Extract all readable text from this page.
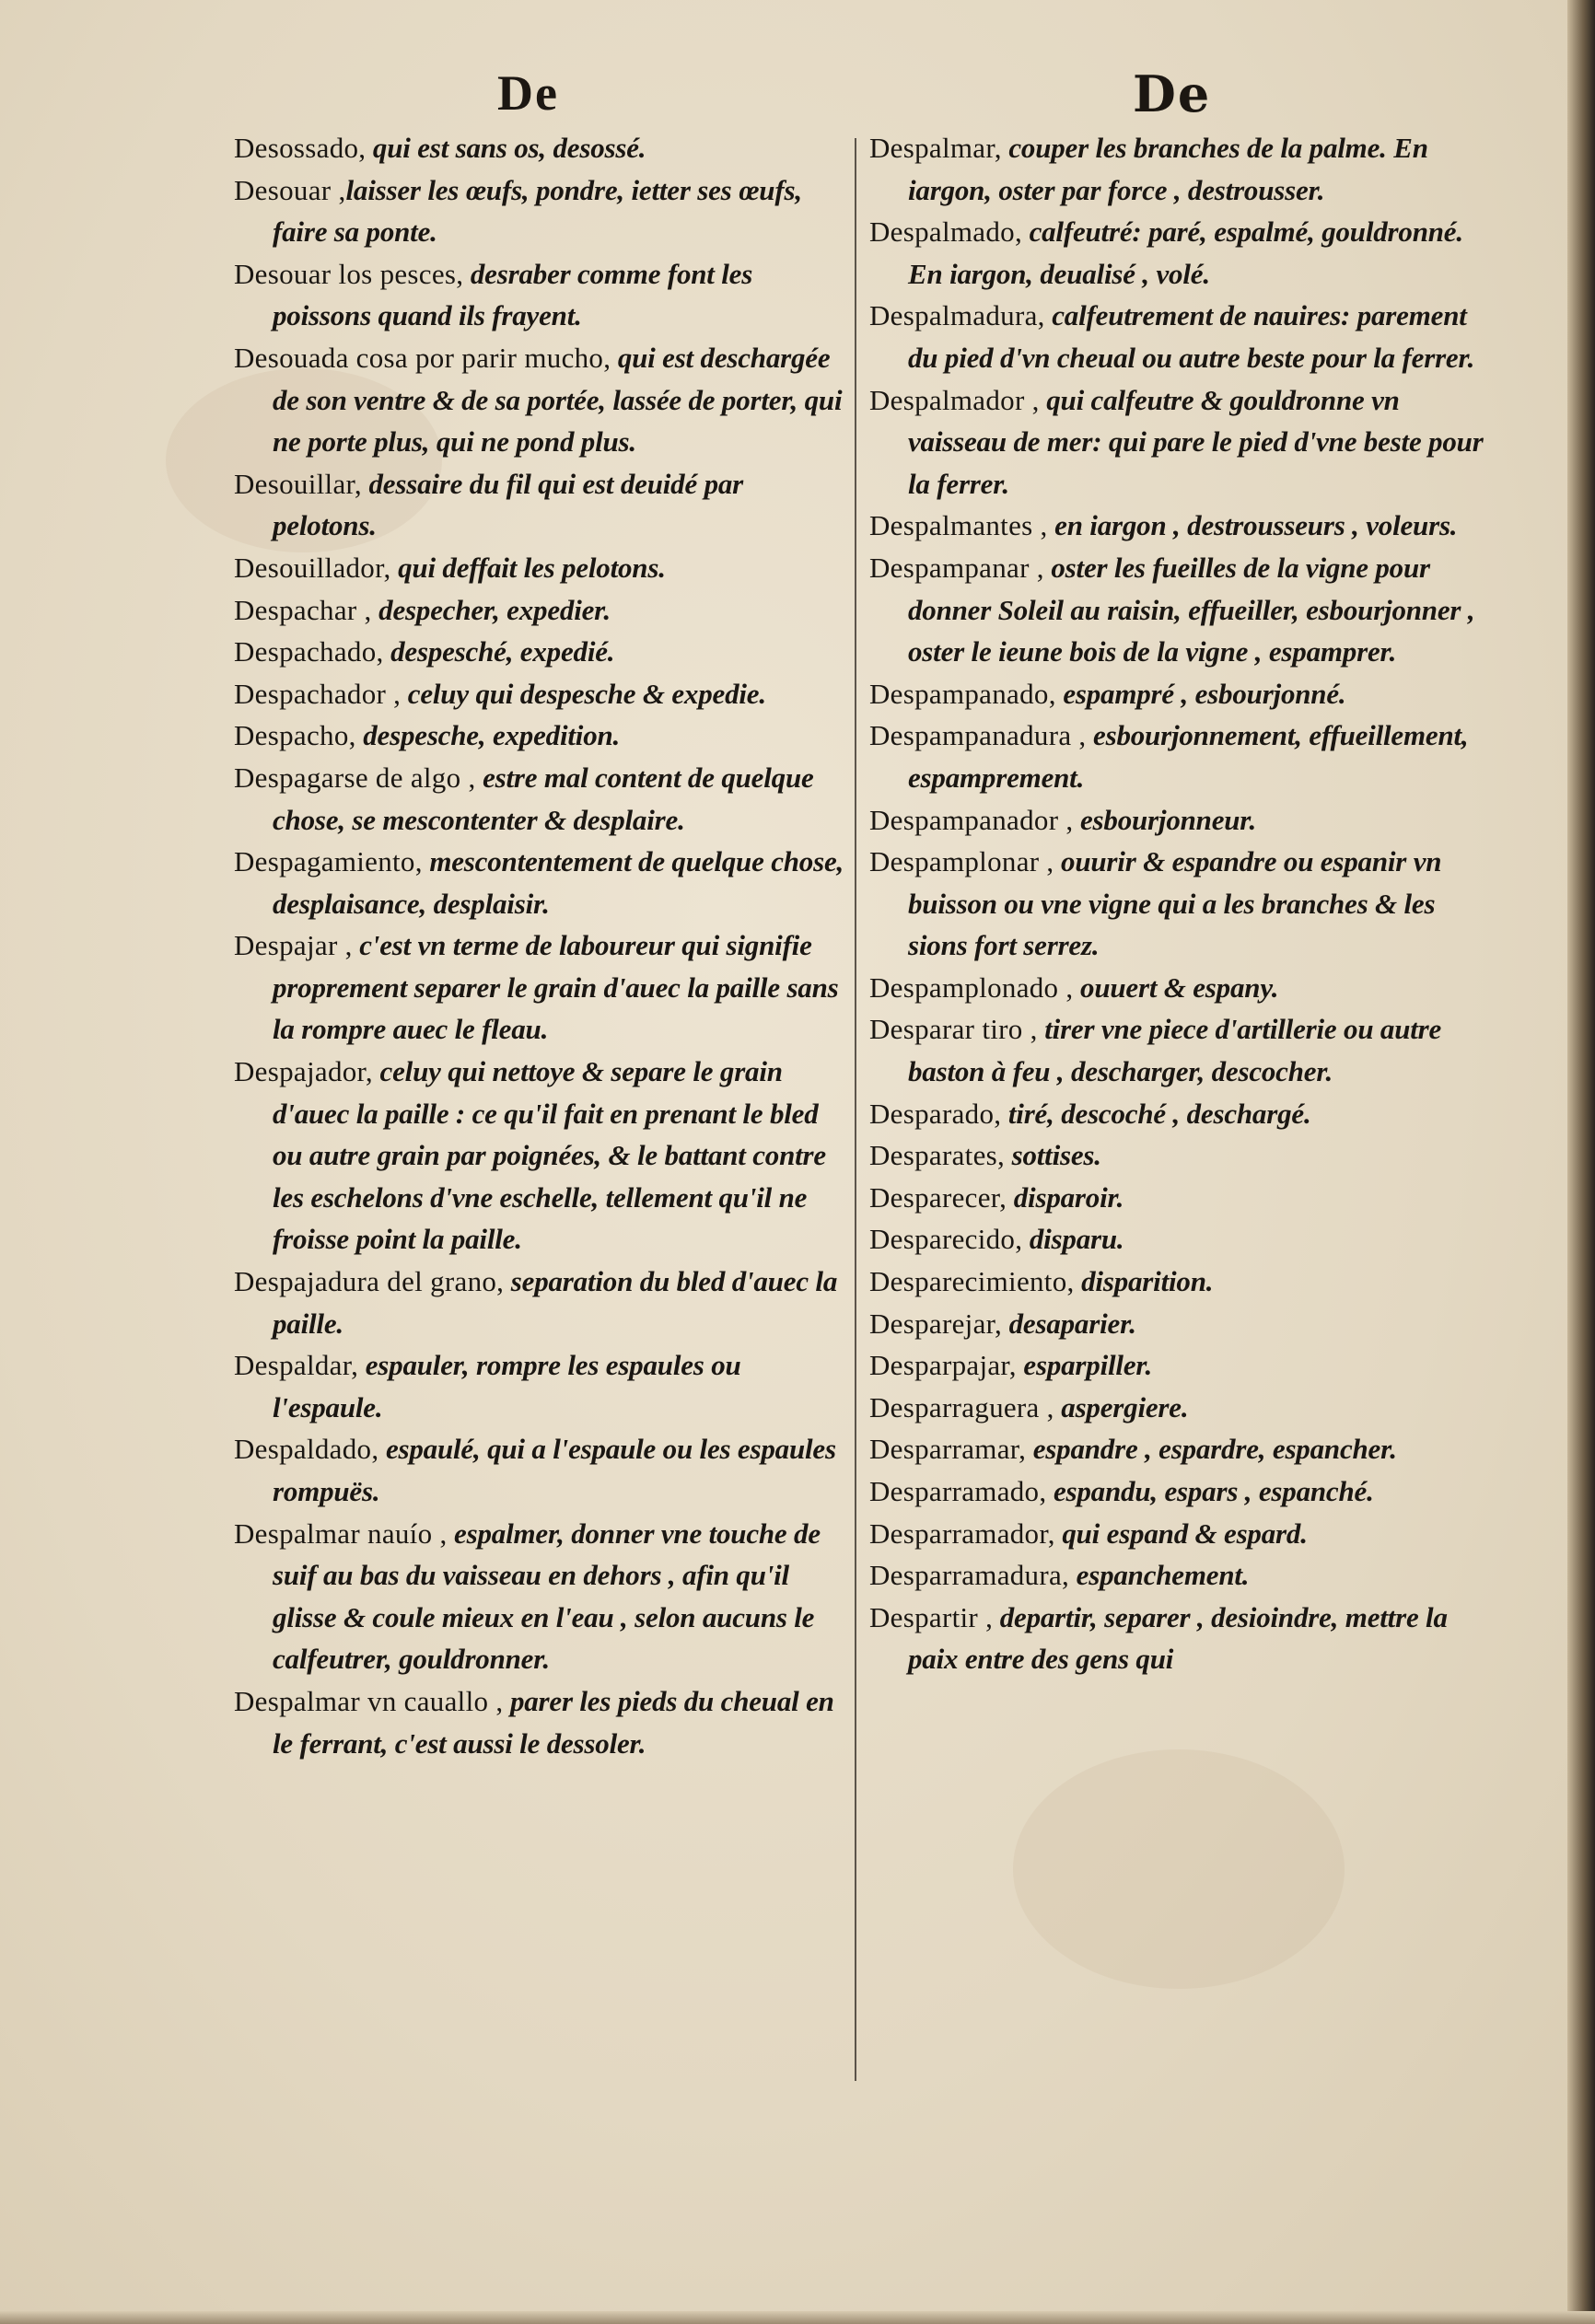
De	De

Desossado, qui est sans os, desossé.

Desouar ,laisser les œufs, pondre, ietter ses œufs, faire sa ponte.

Desouar los pesces, desraber comme font les poissons quand ils frayent.

Desouada cosa por parir mucho, qui est deschargée de son ventre & de sa portée, lassée de porter, qui ne porte plus, qui ne pond plus.

Desouillar, dessaire du fil qui est deuidé par pelotons.

Desouillador, qui deffait les pelotons.

Despachar , despecher, expedier.

Despachado, despesché, expedié.

Despachador , celuy qui despesche & expedie.

Despacho, despesche, expedition.

Despagarse de algo , estre mal content de quelque chose, se mescontenter & desplaire.

Despagamiento, mescontentement de quelque chose, desplaisance, desplaisir.

Despajar , c'est vn terme de laboureur qui signifie proprement separer le grain d'auec la paille sans la rompre auec le fleau.

Despajador, celuy qui nettoye & separe le grain d'auec la paille : ce qu'il fait en prenant le bled ou autre grain par poignées, & le battant contre les eschelons d'vne eschelle, tellement qu'il ne froisse point la paille.

Despajadura del grano, separation du bled d'auec la paille.

Despaldar, espauler, rompre les espaules ou l'espaule.

Despaldado, espaulé, qui a l'espaule ou les espaules rompuës.

Despalmar nauío , espalmer, donner vne touche de suif au bas du vaisseau en dehors , afin qu'il glisse & coule mieux en l'eau , selon aucuns le calfeutrer, gouldronner.

Despalmar vn cauallo , parer les pieds du cheual en le ferrant, c'est aussi le dessoler.

Despalmar, couper les branches de la palme. En iargon, oster par force , destrousser.

Despalmado, calfeutré: paré, espalmé, gouldronné. En iargon, deualisé , volé.

Despalmadura, calfeutrement de nauires: parement du pied d'vn cheual ou autre beste pour la ferrer.

Despalmador , qui calfeutre & gouldronne vn vaisseau de mer: qui pare le pied d'vne beste pour la ferrer.

Despalmantes , en iargon , destrousseurs , voleurs.

Despampanar , oster les fueilles de la vigne pour donner Soleil au raisin, effueiller, esbourjonner , oster le ieune bois de la vigne , espamprer.

Despampanado, espampré , esbourjonné.

Despampanadura , esbourjonnement, effueillement, espamprement.

Despampanador , esbourjonneur.

Despamplonar , ouurir & espandre ou espanir vn buisson ou vne vigne qui a les branches & les sions fort serrez.

Despamplonado , ouuert & espany.

Desparar tiro , tirer vne piece d'artillerie ou autre baston à feu , descharger, descocher.

Desparado, tiré, descoché , deschargé.

Desparates, sottises.

Desparecer, disparoir.

Desparecido, disparu.

Desparecimiento, disparition.

Desparejar, desaparier.

Desparpajar, esparpiller.

Desparraguera , aspergiere.

Desparramar, espandre , espardre, espancher.

Desparramado, espandu, espars , espanché.

Desparramador, qui espand & espard.

Desparramadura, espanchement.

Despartir , departir, separer , desioindre, mettre la paix entre des gens qui
